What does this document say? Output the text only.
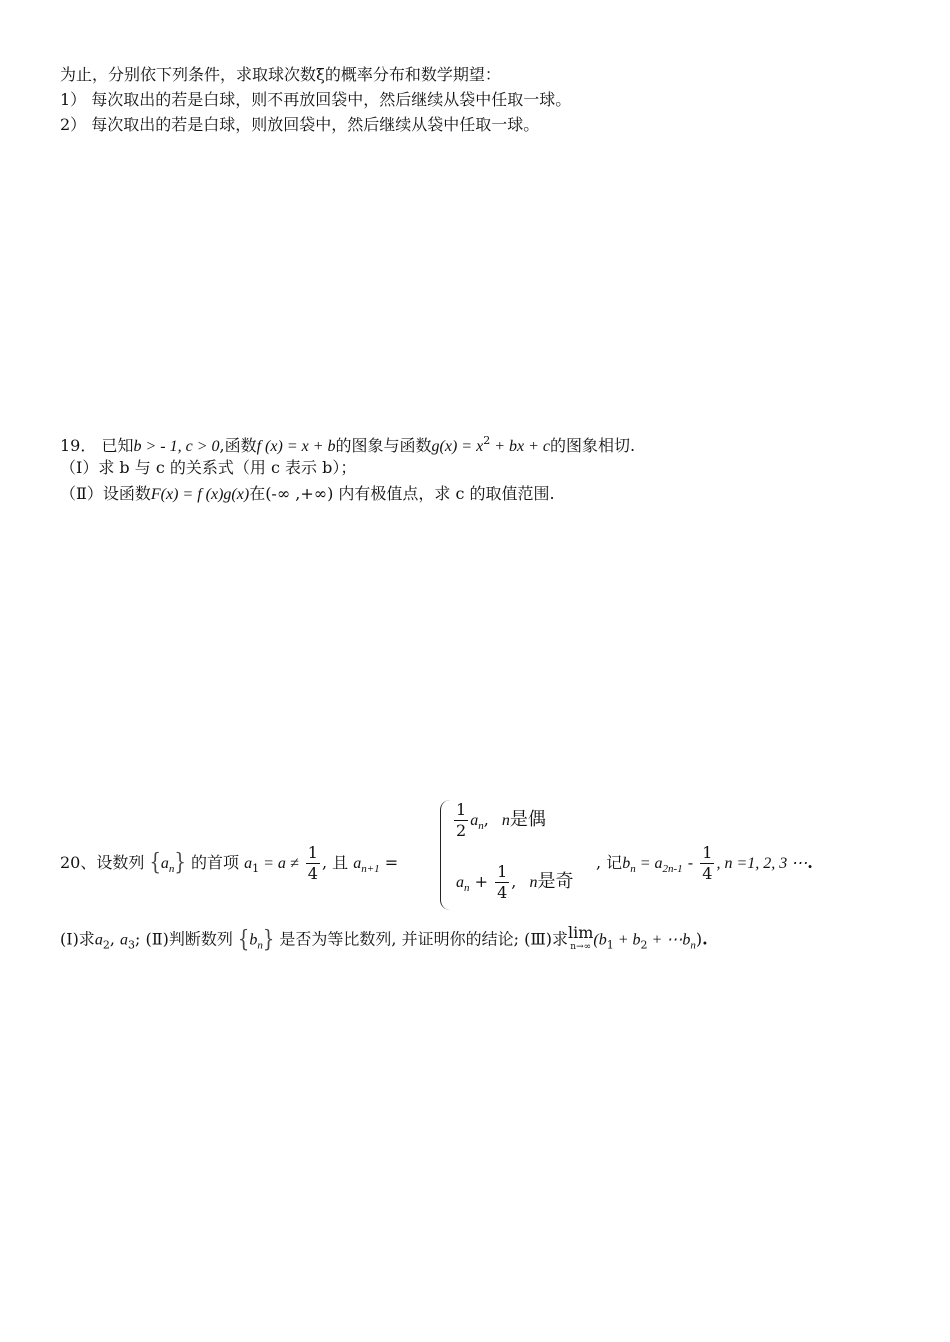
为止，分别依下列条件，求取球次数ξ的概率分布和数学期望：
1） 每次取出的若是白球，则不再放回袋中，然后继续从袋中任取一球。
2） 每次取出的若是白球，则放回袋中，然后继续从袋中任取一球。
19． 已知b > - 1, c > 0,函数f (x) = x + b的图象与函数$g(x) = x^2$ + bx + c的图象相切.
（Ⅰ）求 b 与 c 的关系式（用 c 表示 b）；
（Ⅱ）设函数F(x) = f (x)g(x)在(-∞ ,+∞) 内有极值点，求 c 的取值范围.
20、设数列 $\{a_n\}$ 的首项 $a_1 = a \ne \frac{1}{4}$ , 且 $a_{n+1}$ =
$\frac{1}{2} a_n$, n是偶
$a_n + \frac{1}{4}$ , n是奇
, 记$b_n = a_{2n-1} - \frac{1}{4}$ , n =1, 2, 3 ⋯.
(Ⅰ)求$a_2$, $a_3$; (Ⅱ)判断数列 $\{b_n\}$ 是否为等比数列, 并证明你的结论; (Ⅲ)求 lim
n→∞ ($b_1 + b_2$ + $\cdots b_n$).
